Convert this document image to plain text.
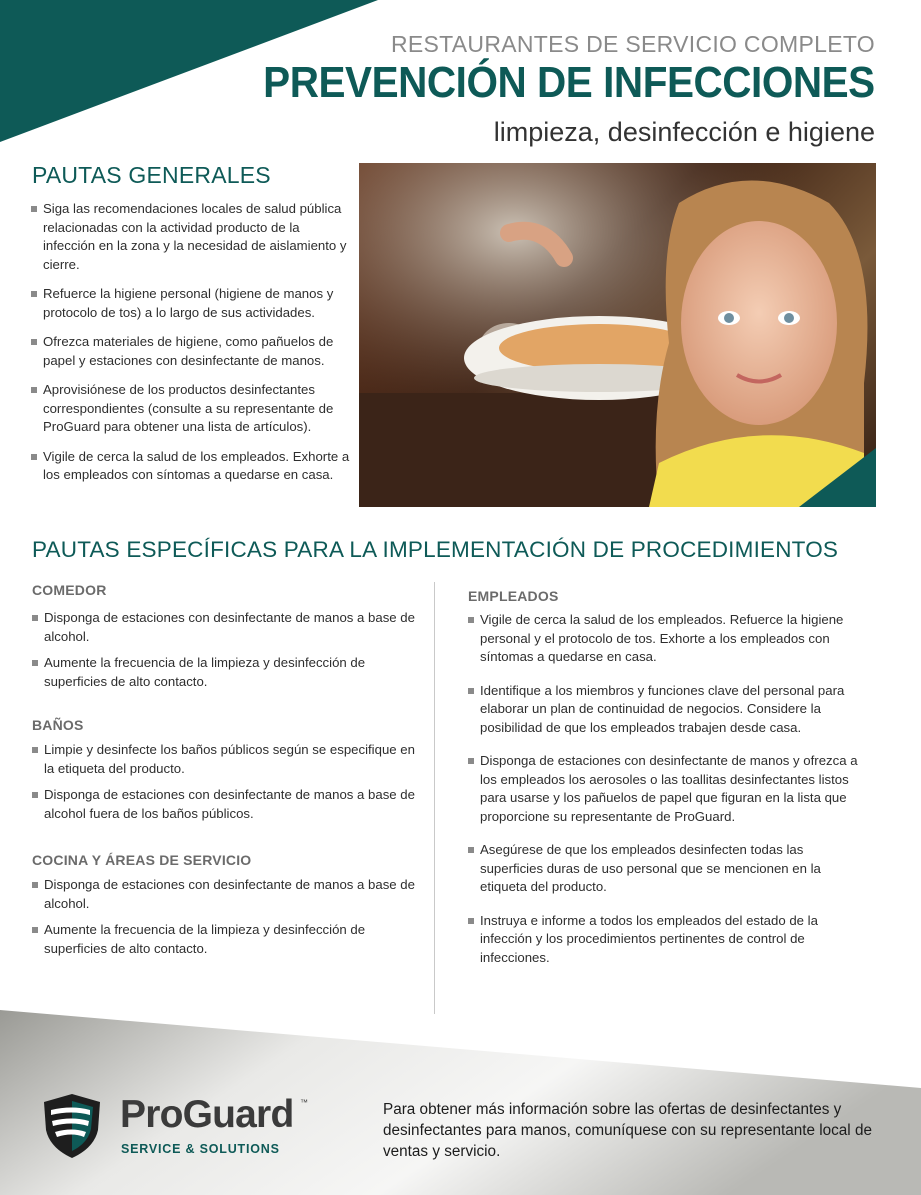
RESTAURANTES DE SERVICIO COMPLETO
PREVENCIÓN DE INFECCIONES
limpieza, desinfección e higiene
PAUTAS GENERALES
Siga las recomendaciones locales de salud pública relacionadas con la actividad producto de la infección en la zona y la necesidad de aislamiento y cierre.
Refuerce la higiene personal (higiene de manos y protocolo de tos) a lo largo de sus actividades.
Ofrezca materiales de higiene, como pañuelos de papel y estaciones con desinfectante de manos.
Aprovisiónese de los productos desinfectantes correspondientes (consulte a su representante de ProGuard para obtener una lista de artículos).
Vigile de cerca la salud de los empleados. Exhorte a los empleados con síntomas a quedarse en casa.
PAUTAS ESPECÍFICAS PARA LA IMPLEMENTACIÓN DE PROCEDIMIENTOS
COMEDOR
Disponga de estaciones con desinfectante de manos a base de alcohol.
Aumente la frecuencia de la limpieza y desinfección de superficies de alto contacto.
BAÑOS
Limpie y desinfecte los baños públicos según se especifique en la etiqueta del producto.
Disponga de estaciones con desinfectante de manos a base de alcohol fuera de los baños públicos.
COCINA Y ÁREAS DE SERVICIO
Disponga de estaciones con desinfectante de manos a base de alcohol.
Aumente la frecuencia de la limpieza y desinfección de superficies de alto contacto.
EMPLEADOS
Vigile de cerca la salud de los empleados. Refuerce la higiene personal y el protocolo de tos. Exhorte a los empleados con síntomas a quedarse en casa.
Identifique a los miembros y funciones clave del personal para elaborar un plan de continuidad de negocios. Considere la posibilidad de que los empleados trabajen desde casa.
Disponga de estaciones con desinfectante de manos y ofrezca a los empleados los aerosoles o las toallitas desinfectantes listos para usarse y los pañuelos de papel que figuran en la lista que proporcione su representante de ProGuard.
Asegúrese de que los empleados desinfecten todas las superficies duras de uso personal que se mencionen en la etiqueta del producto.
Instruya e informe a todos los empleados del estado de la infección y los procedimientos pertinentes de control de infecciones.
ProGuard ™
SERVICE & SOLUTIONS
Para obtener más información sobre las ofertas de desinfectantes y desinfectantes para manos, comuníquese con su representante local de ventas y servicio.
